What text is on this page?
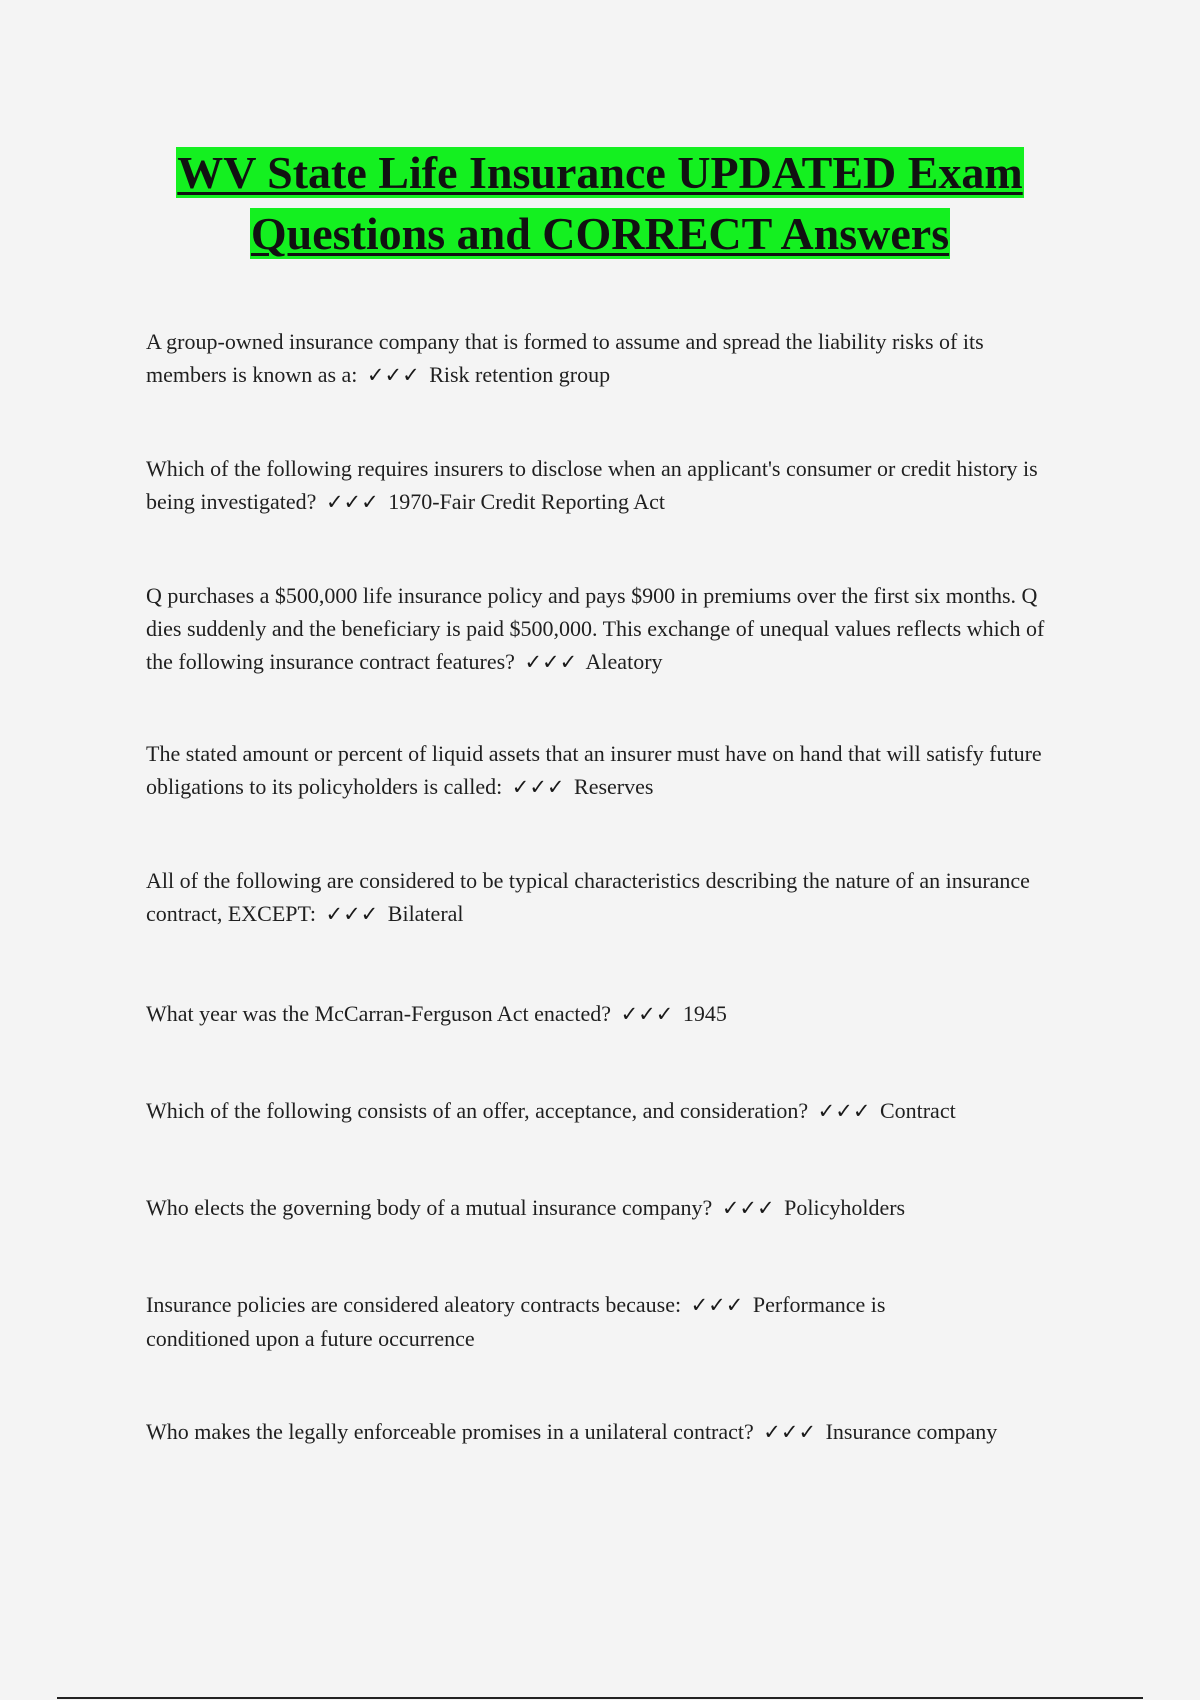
WV State Life Insurance UPDATED Exam Questions and CORRECT Answers
A group-owned insurance company that is formed to assume and spread the liability risks of its members is known as a: ✓✓✓ Risk retention group
Which of the following requires insurers to disclose when an applicant's consumer or credit history is being investigated? ✓✓✓ 1970-Fair Credit Reporting Act
Q purchases a $500,000 life insurance policy and pays $900 in premiums over the first six months. Q dies suddenly and the beneficiary is paid $500,000. This exchange of unequal values reflects which of the following insurance contract features? ✓✓✓ Aleatory
The stated amount or percent of liquid assets that an insurer must have on hand that will satisfy future obligations to its policyholders is called: ✓✓✓ Reserves
All of the following are considered to be typical characteristics describing the nature of an insurance contract, EXCEPT: ✓✓✓ Bilateral
What year was the McCarran-Ferguson Act enacted? ✓✓✓ 1945
Which of the following consists of an offer, acceptance, and consideration? ✓✓✓ Contract
Who elects the governing body of a mutual insurance company? ✓✓✓ Policyholders
Insurance policies are considered aleatory contracts because: ✓✓✓ Performance is conditioned upon a future occurrence
Who makes the legally enforceable promises in a unilateral contract? ✓✓✓ Insurance company
